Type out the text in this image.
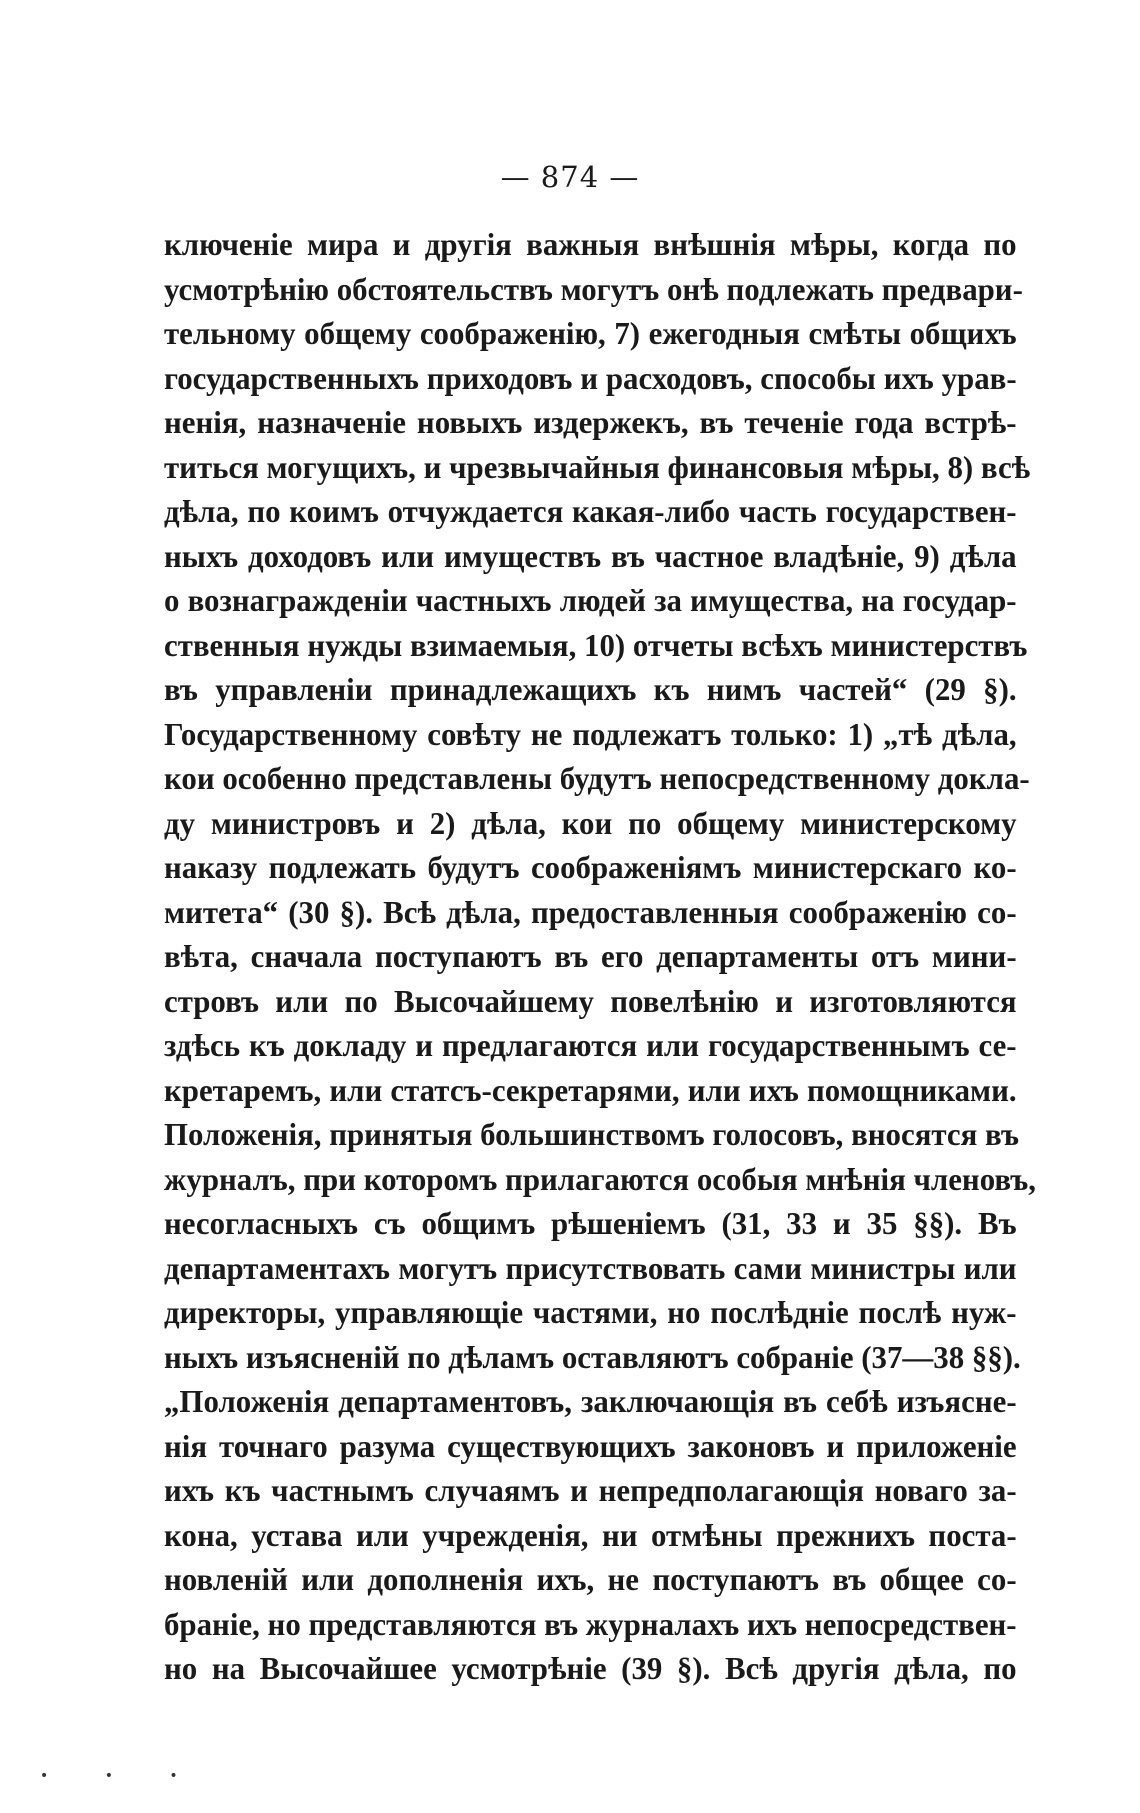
— 874 —
ключеніе мира и другія важныя внѣшнія мѣры, когда по
усмотрѣнію обстоятельствъ могутъ онѣ подлежать предвари-
тельному общему соображенію, 7) ежегодныя смѣты общихъ
государственныхъ приходовъ и расходовъ, способы ихъ урав-
ненія, назначеніе новыхъ издержекъ, въ теченіе года встрѣ-
титься могущихъ, и чрезвычайныя финансовыя мѣры, 8) всѣ
дѣла, по коимъ отчуждается какая-либо часть государствен-
ныхъ доходовъ или имуществъ въ частное владѣніе, 9) дѣла
о вознагражденіи частныхъ людей за имущества, на государ-
ственныя нужды взимаемыя, 10) отчеты всѣхъ министерствъ
въ управленіи принадлежащихъ къ нимъ частей“ (29 §).
Государственному совѣту не подлежатъ только: 1) „тѣ дѣла,
кои особенно представлены будутъ непосредственному докла-
ду министровъ и 2) дѣла, кои по общему министерскому
наказу подлежать будутъ соображеніямъ министерскаго ко-
митета“ (30 §). Всѣ дѣла, предоставленныя соображенію со-
вѣта, сначала поступаютъ въ его департаменты отъ мини-
стровъ или по Высочайшему повелѣнію и изготовляются
здѣсь къ докладу и предлагаются или государственнымъ се-
кретаремъ, или статсъ-секретарями, или ихъ помощниками.
Положенія, принятыя большинствомъ голосовъ, вносятся въ
журналъ, при которомъ прилагаются особыя мнѣнія членовъ,
несогласныхъ съ общимъ рѣшеніемъ (31, 33 и 35 §§). Въ
департаментахъ могутъ присутствовать сами министры или
директоры, управляющіе частями, но послѣдніе послѣ нуж-
ныхъ изъясненій по дѣламъ оставляютъ собраніе (37—38 §§).
„Положенія департаментовъ, заключающія въ себѣ изъясне-
нія точнаго разума существующихъ законовъ и приложеніе
ихъ къ частнымъ случаямъ и непредполагающія новаго за-
кона, устава или учрежденія, ни отмѣны прежнихъ поста-
новленій или дополненія ихъ, не поступаютъ въ общее со-
браніе, но представляются въ журналахъ ихъ непосредствен-
но на Высочайшее усмотрѣніе (39 §). Всѣ другія дѣла, по
• • •
